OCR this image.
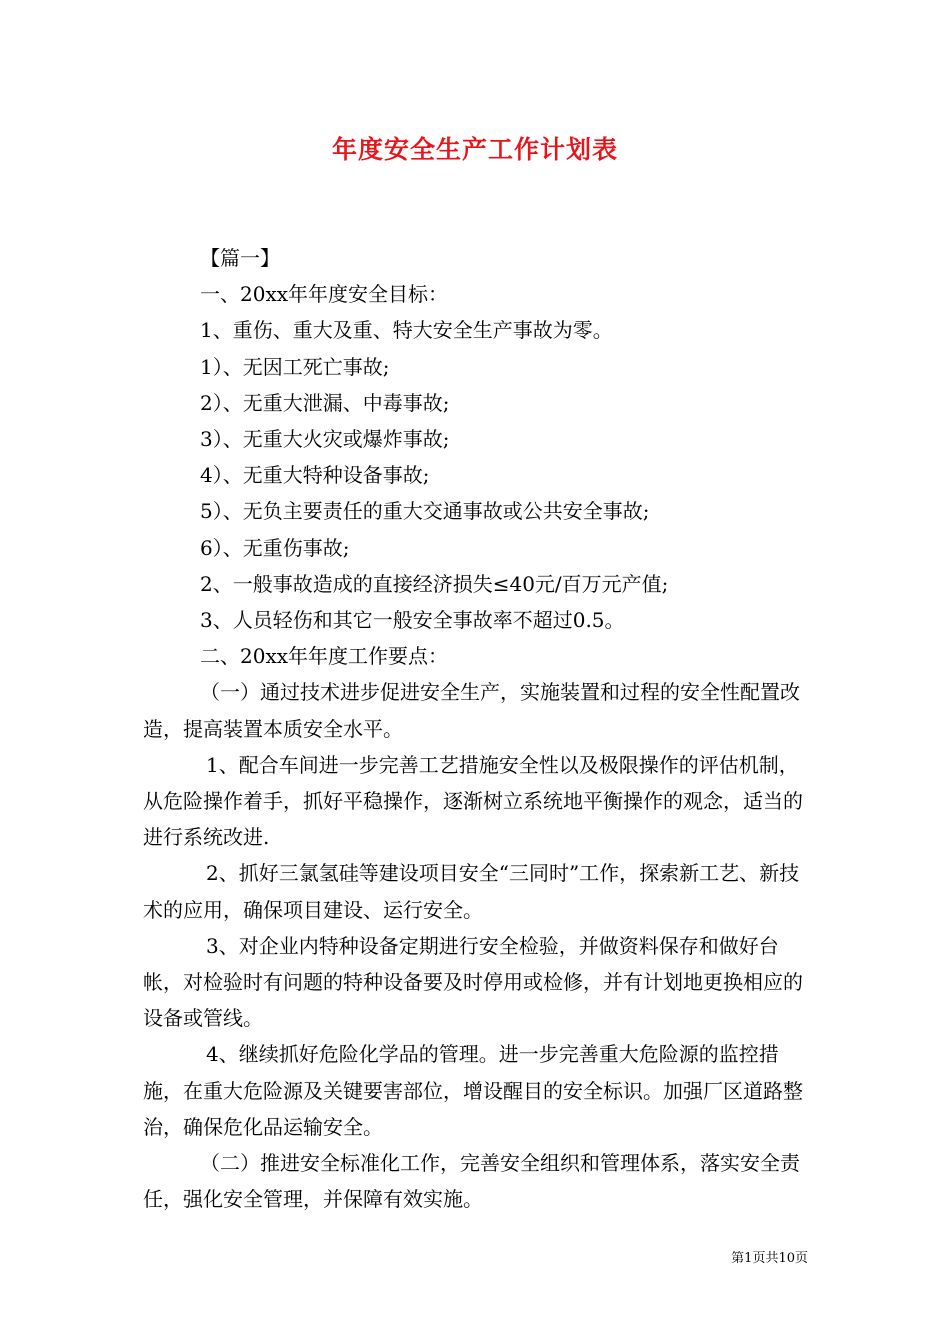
年度安全生产工作计划表

【篇一】

一、20xx年年度安全目标：

1、重伤、重大及重、特大安全生产事故为零。

1）、无因工死亡事故;

2）、无重大泄漏、中毒事故;

3）、无重大火灾或爆炸事故;

4）、无重大特种设备事故;

5）、无负主要责任的重大交通事故或公共安全事故;

6）、无重伤事故;

2、一般事故造成的直接经济损失≤40元/百万元产值;

3、人员轻伤和其它一般安全事故率不超过0.5。

二、20xx年年度工作要点：

（一）通过技术进步促进安全生产，实施装置和过程的安全性配置改造，提高装置本质安全水平。

1、配合车间进一步完善工艺措施安全性以及极限操作的评估机制，从危险操作着手，抓好平稳操作，逐渐树立系统地平衡操作的观念，适当的进行系统改进.

2、抓好三氯氢硅等建设项目安全“三同时”工作，探索新工艺、新技术的应用，确保项目建设、运行安全。

3、对企业内特种设备定期进行安全检验，并做资料保存和做好台帐，对检验时有问题的特种设备要及时停用或检修，并有计划地更换相应的设备或管线。

4、继续抓好危险化学品的管理。进一步完善重大危险源的监控措施，在重大危险源及关键要害部位，增设醒目的安全标识。加强厂区道路整治，确保危化品运输安全。

（二）推进安全标准化工作，完善安全组织和管理体系，落实安全责任，强化安全管理，并保障有效实施。

第1页共10页
